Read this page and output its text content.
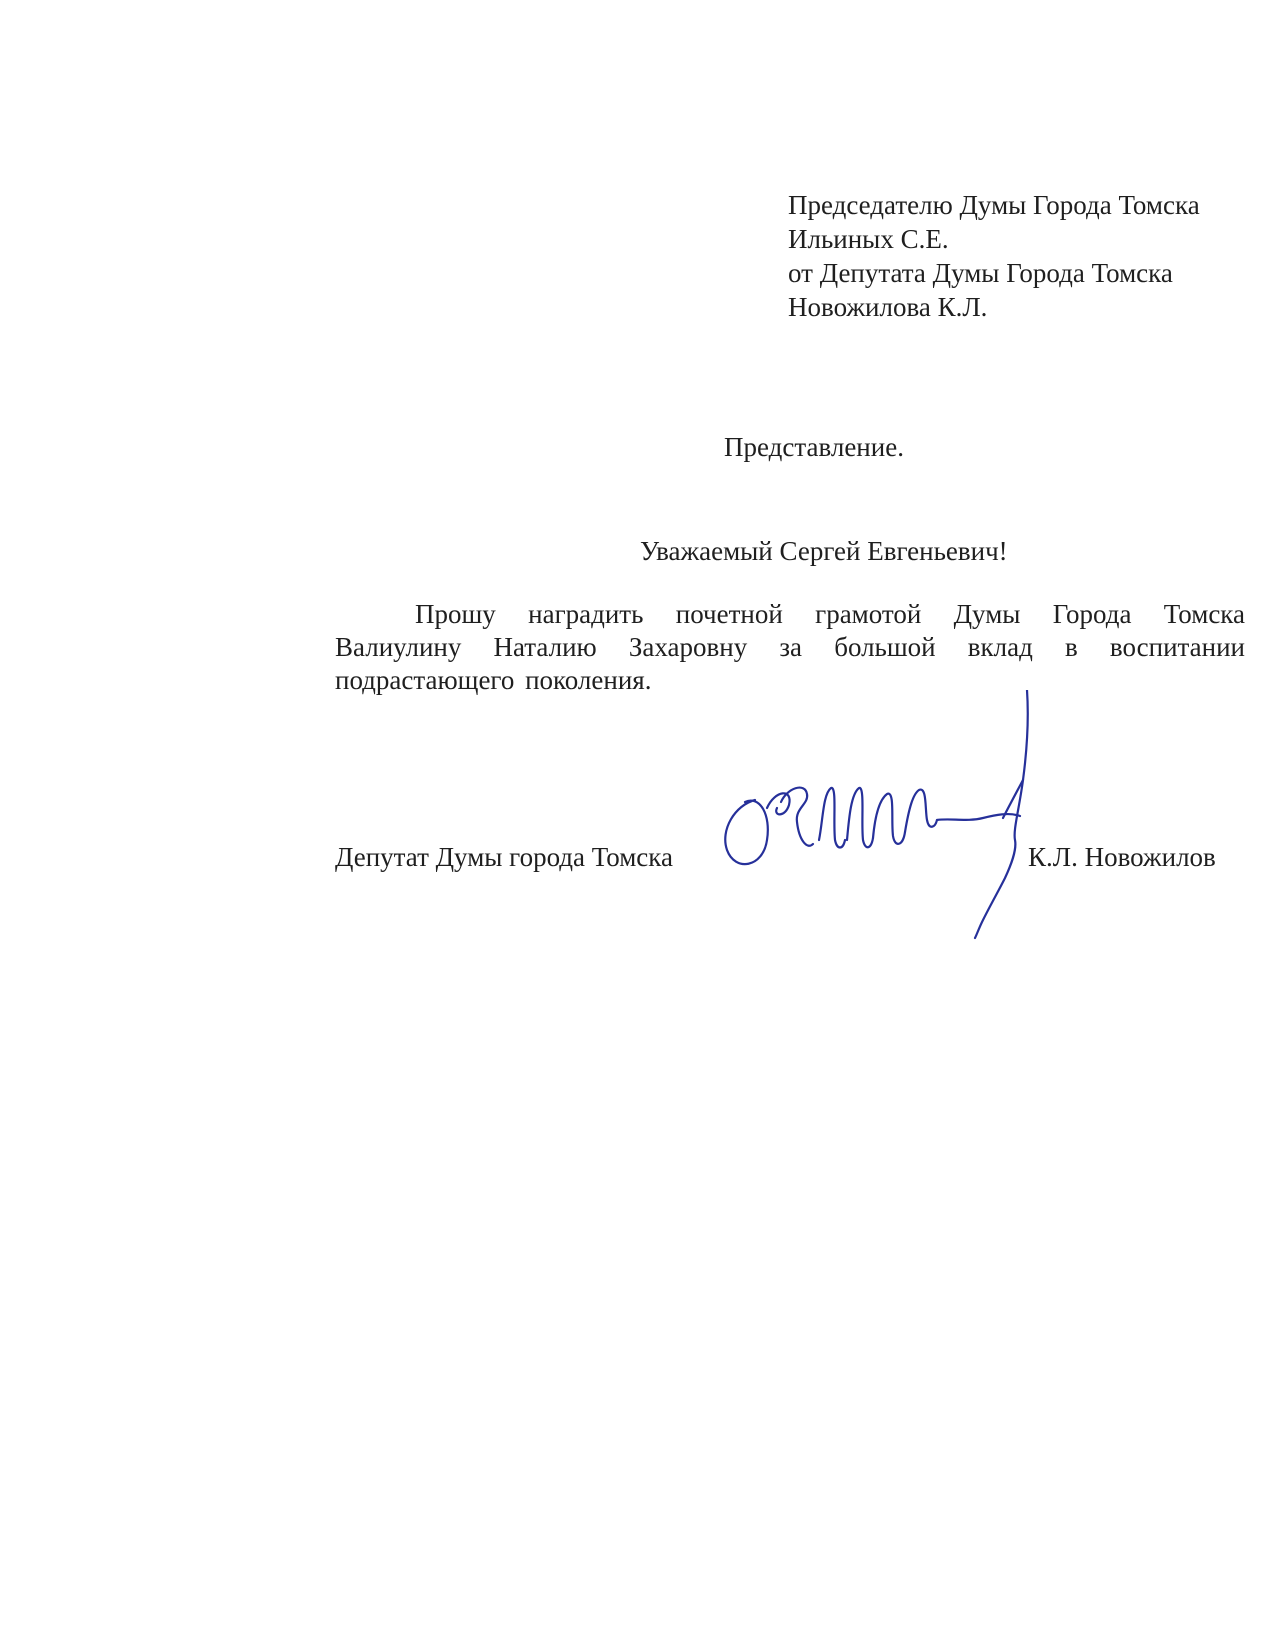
Председателю Думы Города Томска
Ильиных С.Е.
от Депутата Думы Города Томска
Новожилова К.Л.
Представление.
Уважаемый Сергей Евгеньевич!
Прошу наградить почетной грамотой Думы Города Томска Валиулину Наталию Захаровну за большой вклад в воспитании подрастающего поколения.
Депутат Думы города Томска	К.Л. Новожилов
